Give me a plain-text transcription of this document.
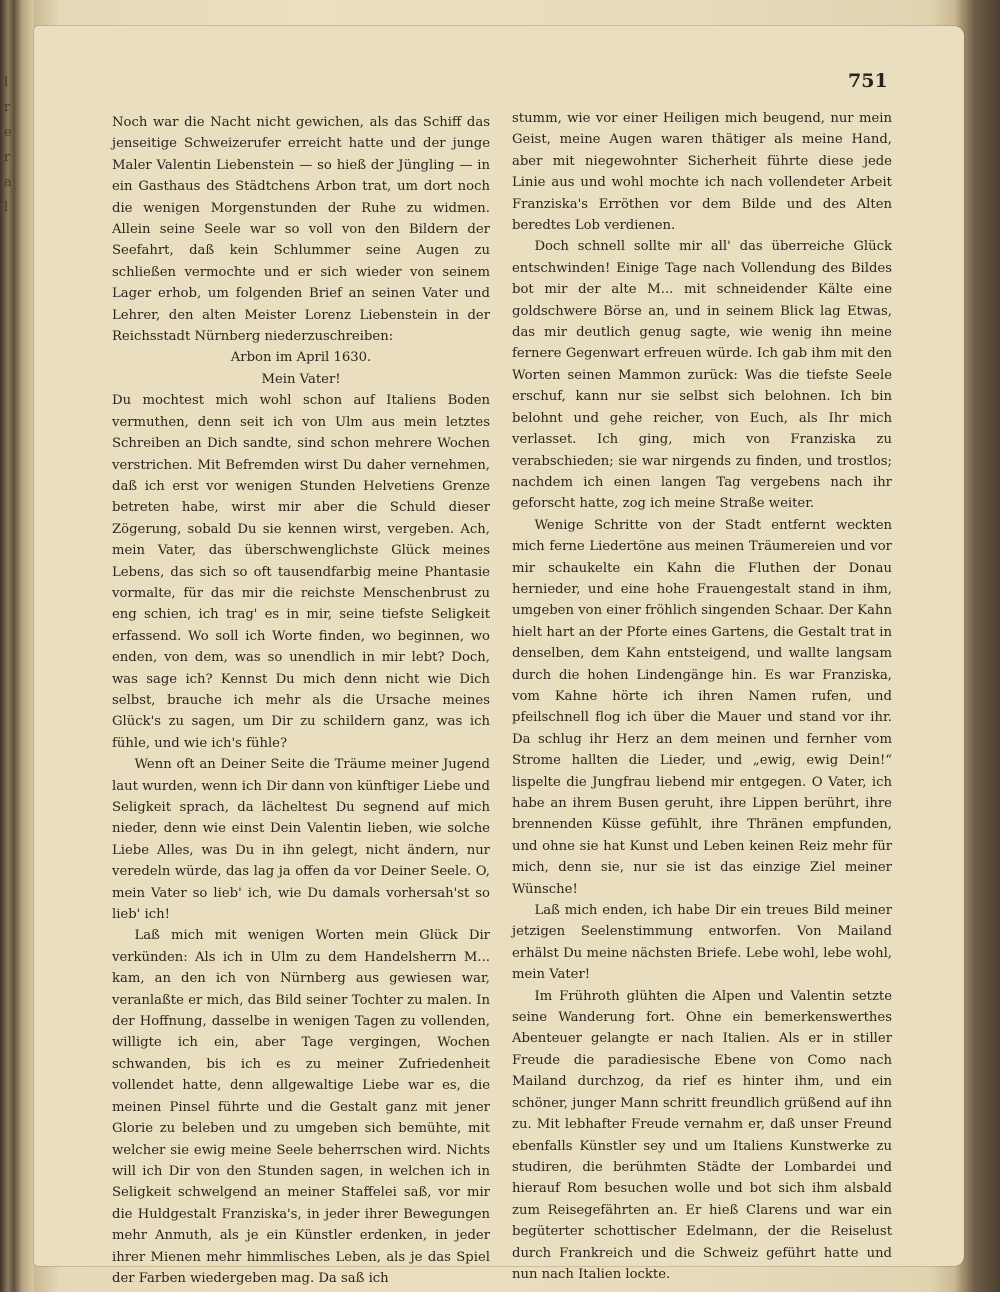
l
r
e
r
a
l
751

Noch war die Nacht nicht gewichen, als das Schiff das jenseitige Schweizerufer erreicht hatte und der junge Maler Valentin Liebenstein — so hieß der Jüngling — in ein Gasthaus des Städtchens Arbon trat, um dort noch die wenigen Morgenstunden der Ruhe zu widmen. Allein seine Seele war so voll von den Bildern der Seefahrt, daß kein Schlummer seine Augen zu schließen vermochte und er sich wieder von seinem Lager erhob, um folgenden Brief an seinen Vater und Lehrer, den alten Meister Lorenz Liebenstein in der Reichsstadt Nürnberg niederzuschreiben:

Arbon im April 1630.

Mein Vater!

Du mochtest mich wohl schon auf Italiens Boden vermuthen, denn seit ich von Ulm aus mein letztes Schreiben an Dich sandte, sind schon mehrere Wochen verstrichen. Mit Befremden wirst Du daher vernehmen, daß ich erst vor wenigen Stunden Helvetiens Grenze betreten habe, wirst mir aber die Schuld dieser Zögerung, sobald Du sie kennen wirst, vergeben. Ach, mein Vater, das überschwenglichste Glück meines Lebens, das sich so oft tausendfarbig meine Phantasie vormalte, für das mir die reichste Menschenbrust zu eng schien, ich trag' es in mir, seine tiefste Seligkeit erfassend. Wo soll ich Worte finden, wo beginnen, wo enden, von dem, was so unendlich in mir lebt? Doch, was sage ich? Kennst Du mich denn nicht wie Dich selbst, brauche ich mehr als die Ursache meines Glück's zu sagen, um Dir zu schildern ganz, was ich fühle, und wie ich's fühle?

Wenn oft an Deiner Seite die Träume meiner Jugend laut wurden, wenn ich Dir dann von künftiger Liebe und Seligkeit sprach, da lächeltest Du segnend auf mich nieder, denn wie einst Dein Valentin lieben, wie solche Liebe Alles, was Du in ihn gelegt, nicht ändern, nur veredeln würde, das lag ja offen da vor Deiner Seele. O, mein Vater so lieb' ich, wie Du damals vorhersah'st so lieb' ich!

Laß mich mit wenigen Worten mein Glück Dir verkünden: Als ich in Ulm zu dem Handelsherrn M... kam, an den ich von Nürnberg aus gewiesen war, veranlaßte er mich, das Bild seiner Tochter zu malen. In der Hoffnung, dasselbe in wenigen Tagen zu vollenden, willigte ich ein, aber Tage vergingen, Wochen schwanden, bis ich es zu meiner Zufriedenheit vollendet hatte, denn allgewaltige Liebe war es, die meinen Pinsel führte und die Gestalt ganz mit jener Glorie zu beleben und zu umgeben sich bemühte, mit welcher sie ewig meine Seele beherrschen wird. Nichts will ich Dir von den Stunden sagen, in welchen ich in Seligkeit schwelgend an meiner Staffelei saß, vor mir die Huldgestalt Franziska's, in jeder ihrer Bewegungen mehr Anmuth, als je ein Künstler erdenken, in jeder ihrer Mienen mehr himmlisches Leben, als je das Spiel der Farben wiedergeben mag. Da saß ich

stumm, wie vor einer Heiligen mich beugend, nur mein Geist, meine Augen waren thätiger als meine Hand, aber mit niegewohnter Sicherheit führte diese jede Linie aus und wohl mochte ich nach vollendeter Arbeit Franziska's Erröthen vor dem Bilde und des Alten beredtes Lob verdienen.

Doch schnell sollte mir all' das überreiche Glück entschwinden! Einige Tage nach Vollendung des Bildes bot mir der alte M... mit schneidender Kälte eine goldschwere Börse an, und in seinem Blick lag Etwas, das mir deutlich genug sagte, wie wenig ihn meine fernere Gegenwart erfreuen würde. Ich gab ihm mit den Worten seinen Mammon zurück: Was die tiefste Seele erschuf, kann nur sie selbst sich belohnen. Ich bin belohnt und gehe reicher, von Euch, als Ihr mich verlasset. Ich ging, mich von Franziska zu verabschieden; sie war nirgends zu finden, und trostlos; nachdem ich einen langen Tag vergebens nach ihr geforscht hatte, zog ich meine Straße weiter.

Wenige Schritte von der Stadt entfernt weckten mich ferne Liedertöne aus meinen Träumereien und vor mir schaukelte ein Kahn die Fluthen der Donau hernieder, und eine hohe Frauengestalt stand in ihm, umgeben von einer fröhlich singenden Schaar. Der Kahn hielt hart an der Pforte eines Gartens, die Gestalt trat in denselben, dem Kahn entsteigend, und wallte langsam durch die hohen Lindengänge hin. Es war Franziska, vom Kahne hörte ich ihren Namen rufen, und pfeilschnell flog ich über die Mauer und stand vor ihr. Da schlug ihr Herz an dem meinen und fernher vom Strome hallten die Lieder, und „ewig, ewig Dein!“ lispelte die Jungfrau liebend mir entgegen. O Vater, ich habe an ihrem Busen geruht, ihre Lippen berührt, ihre brennenden Küsse gefühlt, ihre Thränen empfunden, und ohne sie hat Kunst und Leben keinen Reiz mehr für mich, denn sie, nur sie ist das einzige Ziel meiner Wünsche!

Laß mich enden, ich habe Dir ein treues Bild meiner jetzigen Seelenstimmung entworfen. Von Mailand erhälst Du meine nächsten Briefe. Lebe wohl, lebe wohl, mein Vater!

Im Frühroth glühten die Alpen und Valentin setzte seine Wanderung fort. Ohne ein bemerkenswerthes Abenteuer gelangte er nach Italien. Als er in stiller Freude die paradiesische Ebene von Como nach Mailand durchzog, da rief es hinter ihm, und ein schöner, junger Mann schritt freundlich grüßend auf ihn zu. Mit lebhafter Freude vernahm er, daß unser Freund ebenfalls Künstler sey und um Italiens Kunstwerke zu studiren, die berühmten Städte der Lombardei und hierauf Rom besuchen wolle und bot sich ihm alsbald zum Reisegefährten an. Er hieß Clarens und war ein begüterter schottischer Edelmann, der die Reiselust durch Frankreich und die Schweiz geführt hatte und nun nach Italien lockte.
